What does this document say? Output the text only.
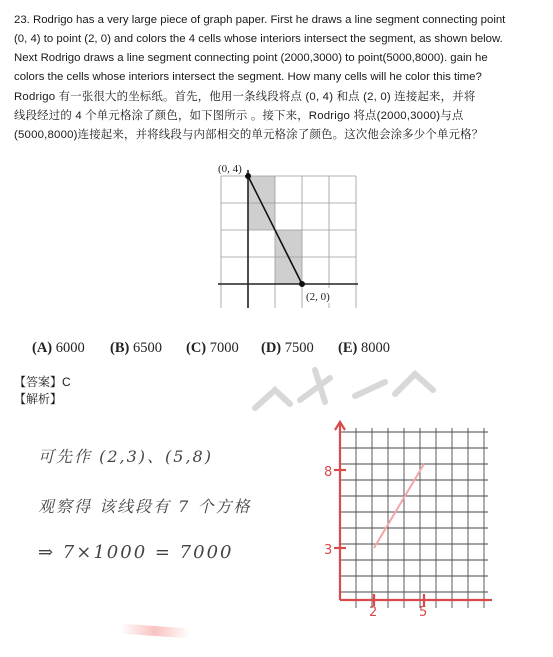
23. Rodrigo has a very large piece of graph paper. First he draws a line segment connecting point
(0, 4) to point (2, 0) and colors the 4 cells whose interiors intersect the segment, as shown below.
Next Rodrigo draws a line segment connecting point (2000,3000) to point(5000,8000). gain he
colors the cells whose interiors intersect the segment. How many cells will he color this time?
Rodrigo 有一张很大的坐标纸。首先，他用一条线段将点 (0, 4) 和点 (2, 0) 连接起来，并将
线段经过的 4 个单元格涂了颜色，如下图所示 。接下来，Rodrigo 将点(2000,3000)与点
(5000,8000)连接起来，并将线段与内部相交的单元格涂了颜色。这次他会涂多少个单元格？
(0, 4)
(2, 0)
(A) 6000 (B) 6500 (C) 7000 (D) 7500 (E) 8000
【答案】C
【解析】
可先作 (2,3)、(5,8)
观察得 该线段有 7 个方格
⇒ 7×1000 = 7000
8
3
2	5
